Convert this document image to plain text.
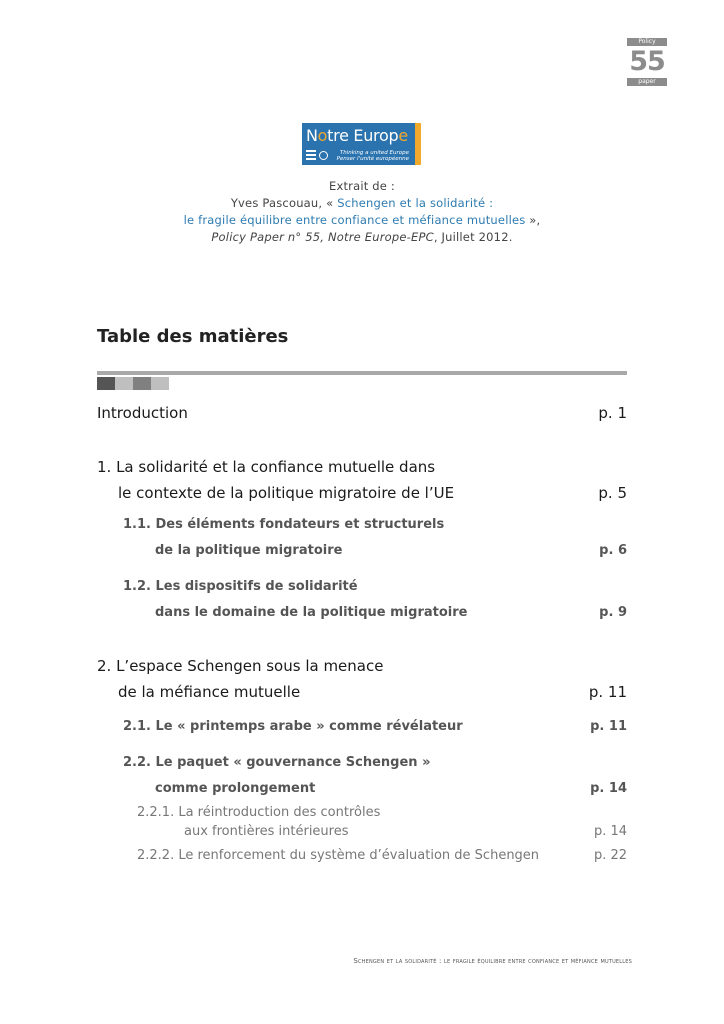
Policy
55
paper
Notre Europe
Thinking a united Europe
Penser l'unité européenne
Extrait de :
Yves Pascouau, « Schengen et la solidarité :
le fragile équilibre entre confiance et méfiance mutuelles »,
Policy Paper n° 55, Notre Europe-EPC, Juillet 2012.
Table des matières
Introduction	p. 1
1. La solidarité et la confiance mutuelle dans
le contexte de la politique migratoire de l’UE	p. 5
1.1. Des éléments fondateurs et structurels
de la politique migratoire	p. 6
1.2. Les dispositifs de solidarité
dans le domaine de la politique migratoire	p. 9
2. L’espace Schengen sous la menace
de la méfiance mutuelle	p. 11
2.1. Le « printemps arabe » comme révélateur	p. 11
2.2. Le paquet « gouvernance Schengen »
comme prolongement	p. 14
2.2.1. La réintroduction des contrôles
aux frontières intérieures	p. 14
2.2.2. Le renforcement du système d’évaluation de Schengen	p. 22
Schengen et la solidarité : le fragile équilibre entre confiance et méfiance mutuelles
